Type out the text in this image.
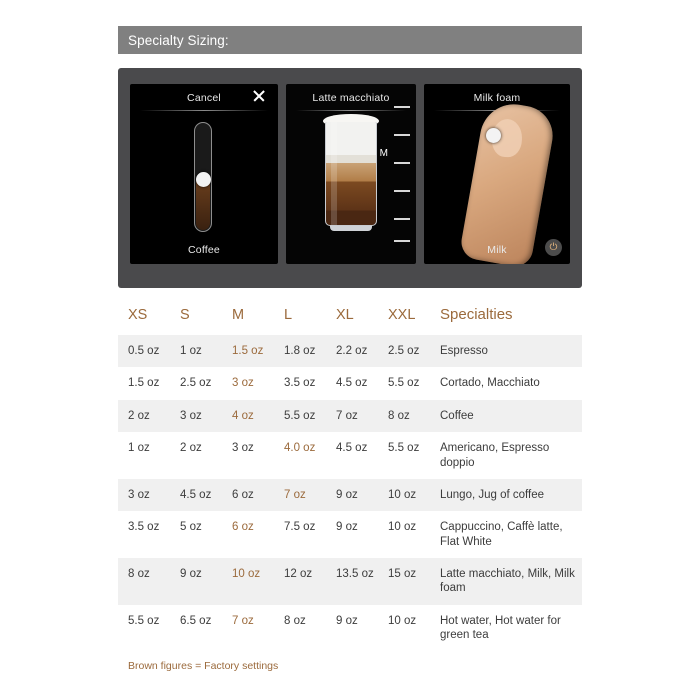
Specialty Sizing:
Cancel
Coffee
Latte macchiato
M
Milk foam
Milk	⏻
XS	S	M	L	XL	XXL	Specialties
0.5 oz	1 oz	1.5 oz	1.8 oz	2.2 oz	2.5 oz	Espresso
1.5 oz	2.5 oz	3 oz	3.5 oz	4.5 oz	5.5 oz	Cortado, Macchiato
2 oz	3 oz	4 oz	5.5 oz	7 oz	8 oz	Coffee
1 oz	2 oz	3 oz	4.0 oz	4.5 oz	5.5 oz	Americano, Espresso doppio
3 oz	4.5 oz	6 oz	7 oz	9 oz	10 oz	Lungo, Jug of coffee
3.5 oz	5 oz	6 oz	7.5 oz	9 oz	10 oz	Cappuccino, Caffè latte, Flat White
8 oz	9 oz	10 oz	12 oz	13.5 oz	15 oz	Latte macchiato, Milk, Milk foam
5.5 oz	6.5 oz	7 oz	8 oz	9 oz	10 oz	Hot water, Hot water for green tea
Brown figures = Factory settings
